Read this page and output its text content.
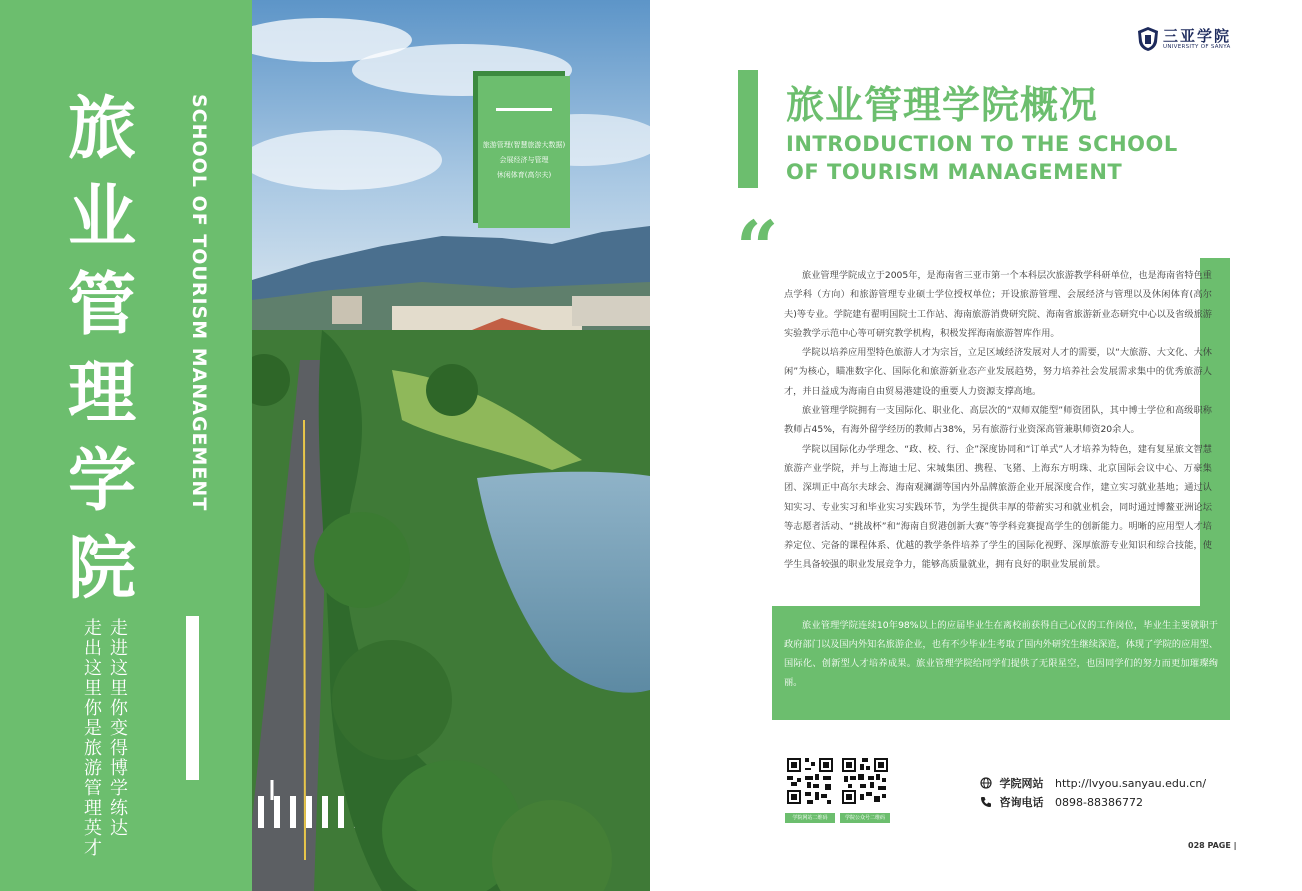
旅业管理学院
SCHOOL OF TOURISM MANAGEMENT
走进这里你变得博学练达
走出这里你是旅游管理英才
旅游管理(智慧旅游大数据)
会展经济与管理
休闲体育(高尔夫)
三亚学院
UNIVERSITY OF SANYA
旅业管理学院概况
INTRODUCTION TO THE SCHOOL OF TOURISM MANAGEMENT
“	旅业管理学院成立于2005年，是海南省三亚市第一个本科层次旅游教学科研单位，也是海南省特色重点学科（方向）和旅游管理专业硕士学位授权单位；开设旅游管理、会展经济与管理以及休闲体育(高尔夫)等专业。学院建有翟明国院士工作站、海南旅游消费研究院、海南省旅游新业态研究中心以及省级旅游实验教学示范中心等可研究教学机构，积极发挥海南旅游智库作用。

学院以培养应用型特色旅游人才为宗旨，立足区域经济发展对人才的需要，以“大旅游、大文化、大休闲”为核心，瞄准数字化、国际化和旅游新业态产业发展趋势，努力培养社会发展需求集中的优秀旅游人才，并日益成为海南自由贸易港建设的重要人力资源支撑高地。

旅业管理学院拥有一支国际化、职业化、高层次的“双师双能型”师资团队，其中博士学位和高级职称教师占45%，有海外留学经历的教师占38%，另有旅游行业资深高管兼职师资20余人。

学院以国际化办学理念、“政、校、行、企”深度协同和“订单式”人才培养为特色，建有复星旅文智慧旅游产业学院，并与上海迪士尼、宋城集团、携程、飞猪、上海东方明珠、北京国际会议中心、万豪集团、深圳正中高尔夫球会、海南观澜湖等国内外品牌旅游企业开展深度合作，建立实习就业基地；通过认知实习、专业实习和毕业实习实践环节，为学生提供丰厚的带薪实习和就业机会，同时通过博鳌亚洲论坛等志愿者活动、“挑战杯”和“海南自贸港创新大赛”等学科竞赛提高学生的创新能力。明晰的应用型人才培养定位、完备的课程体系、优越的教学条件培养了学生的国际化视野、深厚旅游专业知识和综合技能，使学生具备较强的职业发展竞争力，能够高质量就业，拥有良好的职业发展前景。

旅业管理学院连续10年98%以上的应届毕业生在离校前获得自己心仪的工作岗位，毕业生主要就职于政府部门以及国内外知名旅游企业，也有不少毕业生考取了国内外研究生继续深造，体现了学院的应用型、国际化、创新型人才培养成果。旅业管理学院给同学们提供了无限星空，也因同学们的努力而更加璀璨绚丽。

学院网站二维码	学院公众号二维码
学院网站 http://lvyou.sanyau.edu.cn/
咨询电话 0898-88386772
028 PAGE |
